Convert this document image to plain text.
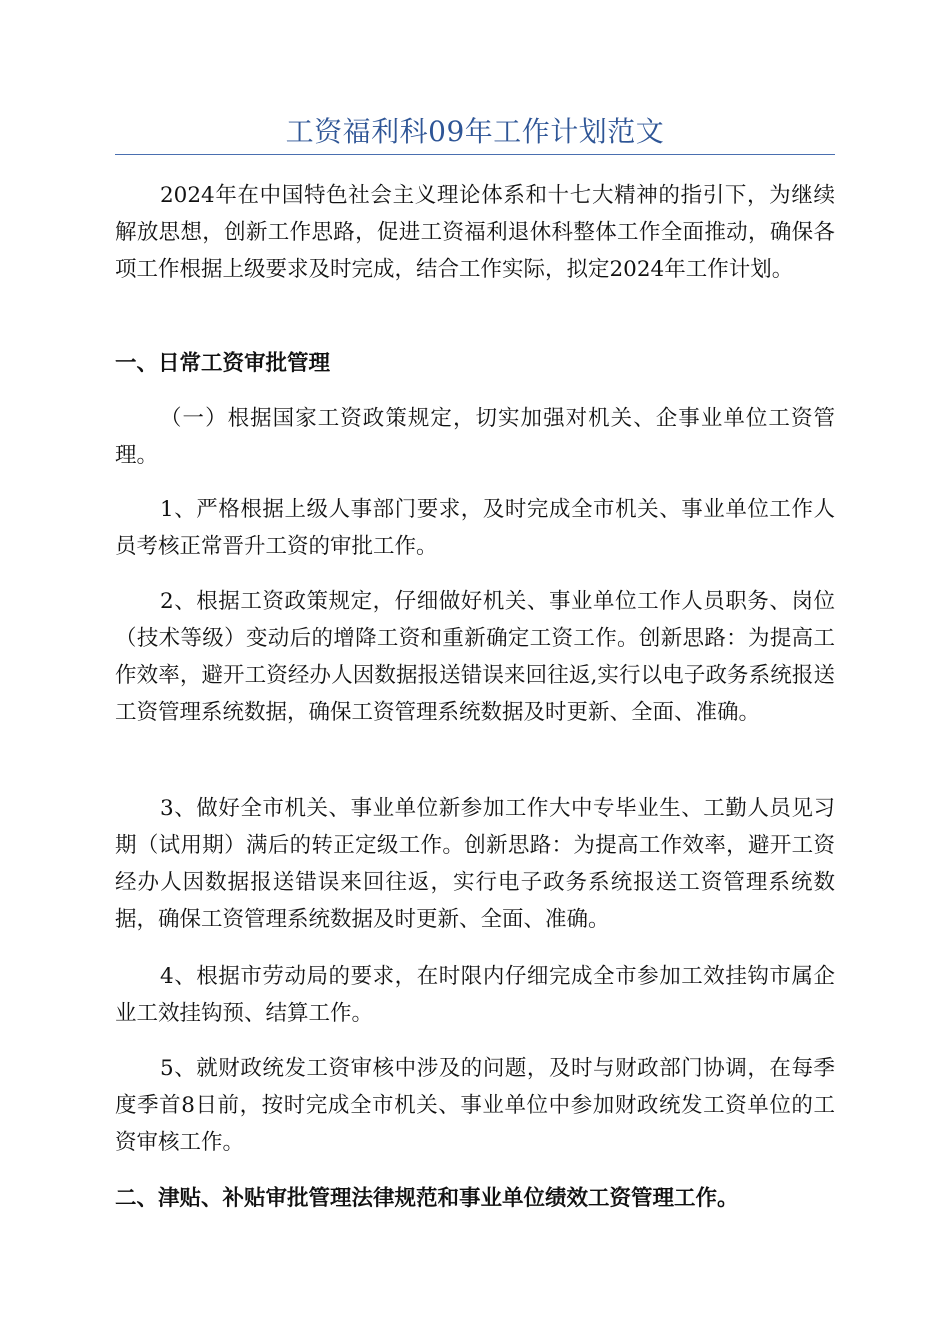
工资福利科09年工作计划范文

2024年在中国特色社会主义理论体系和十七大精神的指引下，为继续解放思想，创新工作思路，促进工资福利退休科整体工作全面推动，确保各项工作根据上级要求及时完成，结合工作实际，拟定2024年工作计划。

一、日常工资审批管理

（一）根据国家工资政策规定，切实加强对机关、企事业单位工资管理。

1、严格根据上级人事部门要求，及时完成全市机关、事业单位工作人员考核正常晋升工资的审批工作。

2、根据工资政策规定，仔细做好机关、事业单位工作人员职务、岗位（技术等级）变动后的增降工资和重新确定工资工作。创新思路：为提高工作效率，避开工资经办人因数据报送错误来回往返,实行以电子政务系统报送工资管理系统数据，确保工资管理系统数据及时更新、全面、准确。

3、做好全市机关、事业单位新参加工作大中专毕业生、工勤人员见习期（试用期）满后的转正定级工作。创新思路：为提高工作效率，避开工资经办人因数据报送错误来回往返，实行电子政务系统报送工资管理系统数据，确保工资管理系统数据及时更新、全面、准确。

4、根据市劳动局的要求，在时限内仔细完成全市参加工效挂钩市属企业工效挂钩预、结算工作。

5、就财政统发工资审核中涉及的问题，及时与财政部门协调，在每季度季首8日前，按时完成全市机关、事业单位中参加财政统发工资单位的工资审核工作。

二、津贴、补贴审批管理法律规范和事业单位绩效工资管理工作。
